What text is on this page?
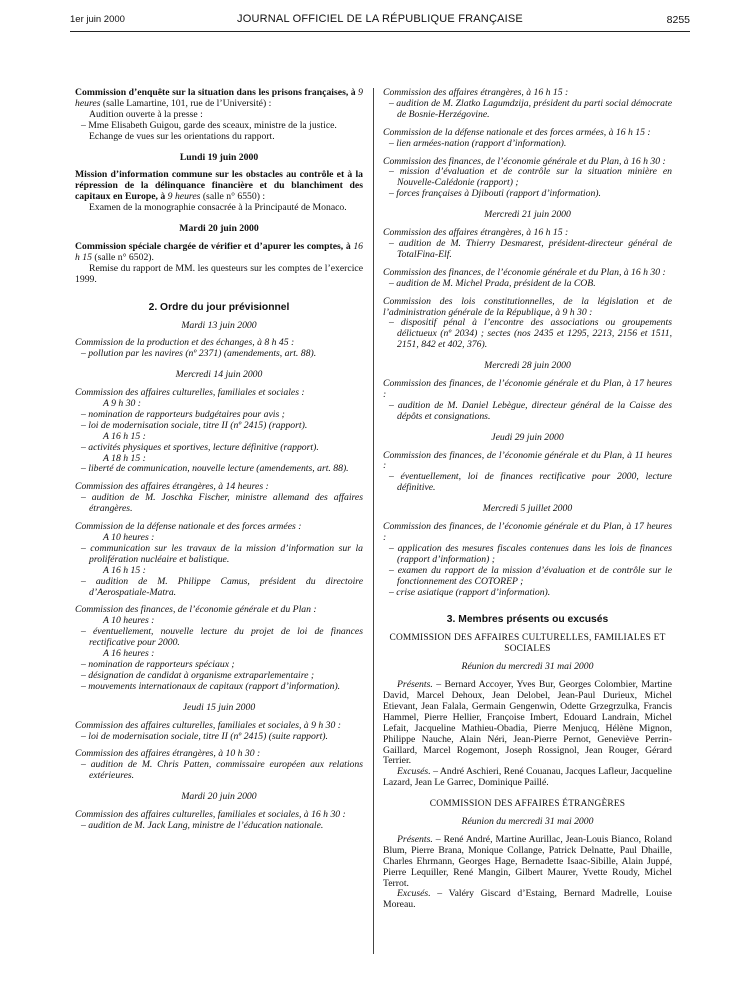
1er juin 2000	JOURNAL OFFICIEL DE LA RÉPUBLIQUE FRANÇAISE	8255

Commission d’enquête sur la situation dans les prisons françaises, à 9 heures (salle Lamartine, 101, rue de l’Université) :

Audition ouverte à la presse :

– Mme Elisabeth Guigou, garde des sceaux, ministre de la justice.

Echange de vues sur les orientations du rapport.

Lundi 19 juin 2000

Mission d’information commune sur les obstacles au contrôle et à la répression de la délinquance financière et du blanchiment des capitaux en Europe, à 9 heures (salle n° 6550) :

Examen de la monographie consacrée à la Principauté de Monaco.

Mardi 20 juin 2000

Commission spéciale chargée de vérifier et d’apurer les comptes, à 16 h 15 (salle n° 6502).

Remise du rapport de MM. les questeurs sur les comptes de l’exercice 1999.

2. Ordre du jour prévisionnel

Mardi 13 juin 2000

Commission de la production et des échanges, à 8 h 45 :

– pollution par les navires (nº 2371) (amendements, art. 88).

Mercredi 14 juin 2000

Commission des affaires culturelles, familiales et sociales :

A 9 h 30 :

– nomination de rapporteurs budgétaires pour avis ;

– loi de modernisation sociale, titre II (nº 2415) (rapport).

A 16 h 15 :

– activités physiques et sportives, lecture définitive (rapport).

A 18 h 15 :

– liberté de communication, nouvelle lecture (amendements, art. 88).

Commission des affaires étrangères, à 14 heures :

– audition de M. Joschka Fischer, ministre allemand des affaires étrangères.

Commission de la défense nationale et des forces armées :

A 10 heures :

– communication sur les travaux de la mission d’information sur la prolifération nucléaire et balistique.

A 16 h 15 :

– audition de M. Philippe Camus, président du directoire d’Aerospatiale-Matra.

Commission des finances, de l’économie générale et du Plan :

A 10 heures :

– éventuellement, nouvelle lecture du projet de loi de finances rectificative pour 2000.

A 16 heures :

– nomination de rapporteurs spéciaux ;

– désignation de candidat à organisme extraparlementaire ;

– mouvements internationaux de capitaux (rapport d’information).

Jeudi 15 juin 2000

Commission des affaires culturelles, familiales et sociales, à 9 h 30 :

– loi de modernisation sociale, titre II (nº 2415) (suite rapport).

Commission des affaires étrangères, à 10 h 30 :

– audition de M. Chris Patten, commissaire européen aux relations extérieures.

Mardi 20 juin 2000

Commission des affaires culturelles, familiales et sociales, à 16 h 30 :

– audition de M. Jack Lang, ministre de l’éducation nationale.

Commission des affaires étrangères, à 16 h 15 :

– audition de M. Zlatko Lagumdzija, président du parti social démocrate de Bosnie-Herzégovine.

Commission de la défense nationale et des forces armées, à 16 h 15 :

– lien armées-nation (rapport d’information).

Commission des finances, de l’économie générale et du Plan, à 16 h 30 :

– mission d’évaluation et de contrôle sur la situation minière en Nouvelle-Calédonie (rapport) ;

– forces françaises à Djibouti (rapport d’information).

Mercredi 21 juin 2000

Commission des affaires étrangères, à 16 h 15 :

– audition de M. Thierry Desmarest, président-directeur général de TotalFina-Elf.

Commission des finances, de l’économie générale et du Plan, à 16 h 30 :

– audition de M. Michel Prada, président de la COB.

Commission des lois constitutionnelles, de la législation et de l’administration générale de la République, à 9 h 30 :

– dispositif pénal à l’encontre des associations ou groupements délictueux (nº 2034) ; sectes (nos 2435 et 1295, 2213, 2156 et 1511, 2151, 842 et 402, 376).

Mercredi 28 juin 2000

Commission des finances, de l’économie générale et du Plan, à 17 heures :

– audition de M. Daniel Lebègue, directeur général de la Caisse des dépôts et consignations.

Jeudi 29 juin 2000

Commission des finances, de l’économie générale et du Plan, à 11 heures :

– éventuellement, loi de finances rectificative pour 2000, lecture définitive.

Mercredi 5 juillet 2000

Commission des finances, de l’économie générale et du Plan, à 17 heures :

– application des mesures fiscales contenues dans les lois de finances (rapport d’information) ;

– examen du rapport de la mission d’évaluation et de contrôle sur le fonctionnement des COTOREP ;

– crise asiatique (rapport d’information).

3. Membres présents ou excusés

COMMISSION DES AFFAIRES CULTURELLES, FAMILIALES ET SOCIALES

Réunion du mercredi 31 mai 2000

Présents. – Bernard Accoyer, Yves Bur, Georges Colombier, Martine David, Marcel Dehoux, Jean Delobel, Jean-Paul Durieux, Michel Etievant, Jean Falala, Germain Gengenwin, Odette Grzegrzulka, Francis Hammel, Pierre Hellier, Françoise Imbert, Edouard Landrain, Michel Lefait, Jacqueline Mathieu-Obadia, Pierre Menjucq, Hélène Mignon, Philippe Nauche, Alain Néri, Jean-Pierre Pernot, Geneviève Perrin-Gaillard, Marcel Rogemont, Joseph Rossignol, Jean Rouger, Gérard Terrier.

Excusés. – André Aschieri, René Couanau, Jacques Lafleur, Jacqueline Lazard, Jean Le Garrec, Dominique Paillé.

COMMISSION DES AFFAIRES ÉTRANGÈRES

Réunion du mercredi 31 mai 2000

Présents. – René André, Martine Aurillac, Jean-Louis Bianco, Roland Blum, Pierre Brana, Monique Collange, Patrick Delnatte, Paul Dhaille, Charles Ehrmann, Georges Hage, Bernadette Isaac-Sibille, Alain Juppé, Pierre Lequiller, René Mangin, Gilbert Maurer, Yvette Roudy, Michel Terrot.

Excusés. – Valéry Giscard d’Estaing, Bernard Madrelle, Louise Moreau.
